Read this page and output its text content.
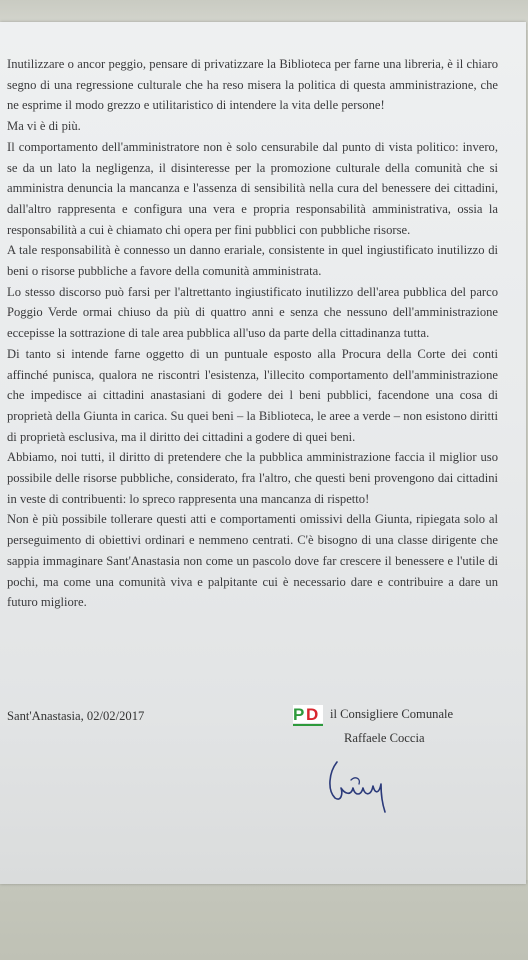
Inutilizzare o ancor peggio, pensare di privatizzare la Biblioteca per farne una libreria, è il chiaro segno di una regressione culturale che ha reso misera la politica di questa amministrazione, che ne esprime il modo grezzo e utilitaristico di intendere la vita delle persone!

Ma vi è di più.

Il comportamento dell'amministratore non è solo censurabile dal punto di vista politico: invero, se da un lato la negligenza, il disinteresse per la promozione culturale della comunità che si amministra denuncia la mancanza e l'assenza di sensibilità nella cura del benessere dei cittadini, dall'altro rappresenta e configura una vera e propria responsabilità amministrativa, ossia la responsabilità a cui è chiamato chi opera per fini pubblici con pubbliche risorse.

A tale responsabilità è connesso un danno erariale, consistente in quel ingiustificato inutilizzo di beni o risorse pubbliche a favore della comunità amministrata.

Lo stesso discorso può farsi per l'altrettanto ingiustificato inutilizzo dell'area pubblica del parco Poggio Verde ormai chiuso da più di quattro anni e senza che nessuno dell'amministrazione eccepisse la sottrazione di tale area pubblica all'uso da parte della cittadinanza tutta.

Di tanto si intende farne oggetto di un puntuale esposto alla Procura della Corte dei conti affinché punisca, qualora ne riscontri l'esistenza, l'illecito comportamento dell'amministrazione che impedisce ai cittadini anastasiani di godere dei l beni pubblici, facendone una cosa di proprietà della Giunta in carica. Su quei beni – la Biblioteca, le aree a verde – non esistono diritti di proprietà esclusiva, ma il diritto dei cittadini a godere di quei beni.

Abbiamo, noi tutti, il diritto di pretendere che la pubblica amministrazione faccia il miglior uso possibile delle risorse pubbliche, considerato, fra l'altro, che questi beni provengono dai cittadini in veste di contribuenti: lo spreco rappresenta una mancanza di rispetto!

Non è più possibile tollerare questi atti e comportamenti omissivi della Giunta, ripiegata solo al perseguimento di obiettivi ordinari e nemmeno centrati. C'è bisogno di una classe dirigente che sappia immaginare Sant'Anastasia non come un pascolo dove far crescere il benessere e l'utile di pochi, ma come una comunità viva e palpitante cui è necessario dare e contribuire a dare un futuro migliore.

Sant'Anastasia, 02/02/2017	P D il Consigliere Comunale
Raffaele Coccia
